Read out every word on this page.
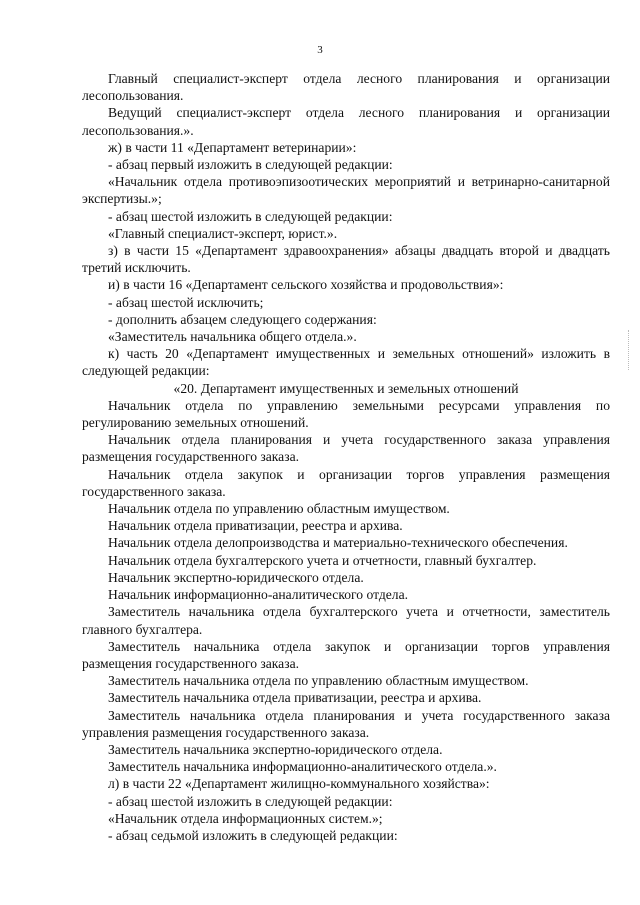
3

Главный специалист-эксперт отдела лесного планирования и организации лесопользования.

Ведущий специалист-эксперт отдела лесного планирования и организации лесопользования.».

ж) в части 11 «Департамент ветеринарии»:

- абзац первый изложить в следующей редакции:

«Начальник отдела противоэпизоотических мероприятий и ветринарно-санитарной экспертизы.»;

- абзац шестой изложить в следующей редакции:

«Главный специалист-эксперт, юрист.».

з) в части 15 «Департамент здравоохранения» абзацы двадцать второй и двадцать третий исключить.

и) в части 16 «Департамент сельского хозяйства и продовольствия»:

- абзац шестой исключить;

- дополнить абзацем следующего содержания:

«Заместитель начальника общего отдела.».

к) часть 20 «Департамент имущественных и земельных отношений» изложить в следующей редакции:

«20. Департамент имущественных и земельных отношений

Начальник отдела по управлению земельными ресурсами управления по регулированию земельных отношений.

Начальник отдела планирования и учета государственного заказа управления размещения государственного заказа.

Начальник отдела закупок и организации торгов управления размещения государственного заказа.

Начальник отдела по управлению областным имуществом.

Начальник отдела приватизации, реестра и архива.

Начальник отдела делопроизводства и материально-технического обеспечения.

Начальник отдела бухгалтерского учета и отчетности, главный бухгалтер.

Начальник экспертно-юридического отдела.

Начальник информационно-аналитического отдела.

Заместитель начальника отдела бухгалтерского учета и отчетности, заместитель главного бухгалтера.

Заместитель начальника отдела закупок и организации торгов управления размещения государственного заказа.

Заместитель начальника отдела по управлению областным имуществом.

Заместитель начальника отдела приватизации, реестра и архива.

Заместитель начальника отдела планирования и учета государственного заказа управления размещения государственного заказа.

Заместитель начальника экспертно-юридического отдела.

Заместитель начальника информационно-аналитического отдела.».

л) в части 22 «Департамент жилищно-коммунального хозяйства»:

- абзац шестой изложить в следующей редакции:

«Начальник отдела информационных систем.»;

- абзац седьмой изложить в следующей редакции:
